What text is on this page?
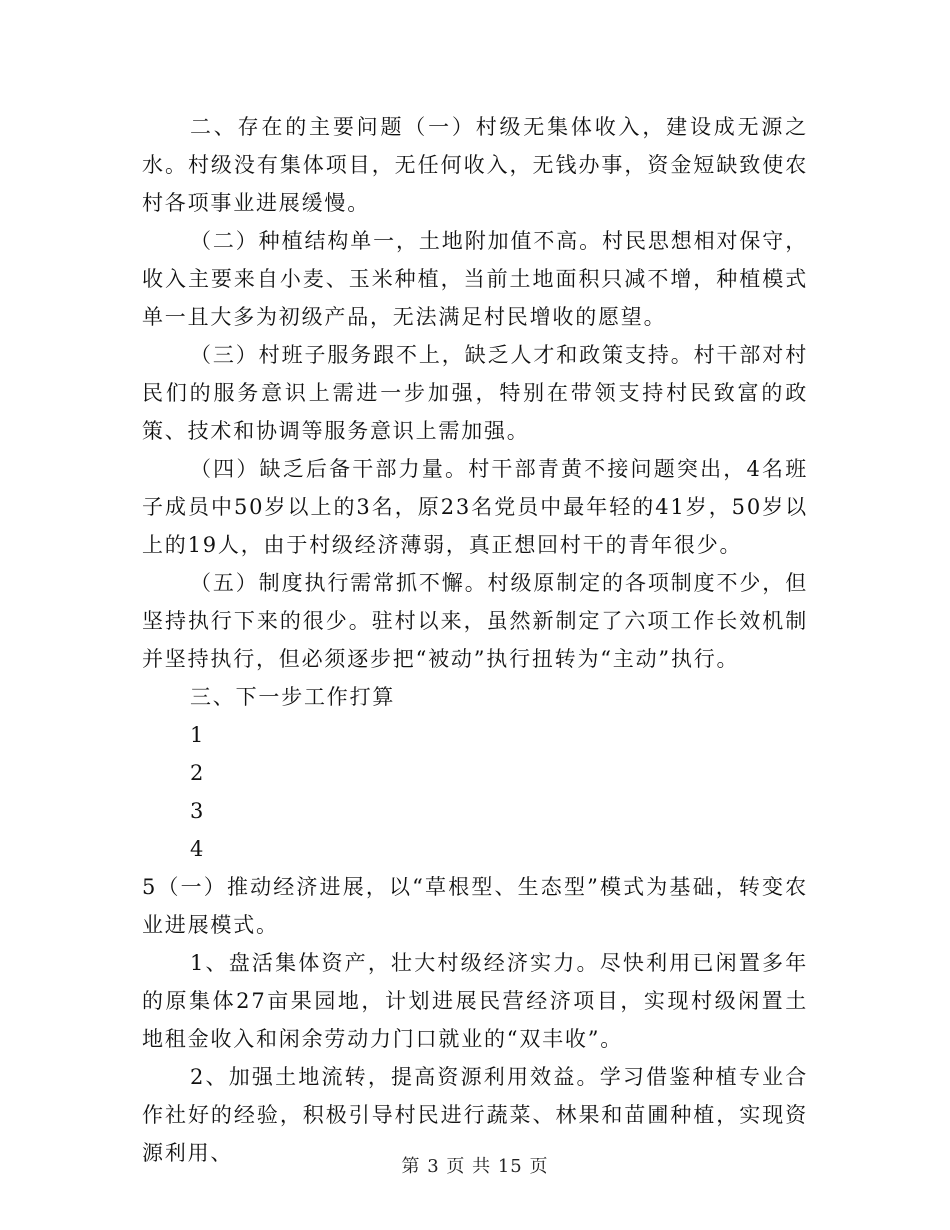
二、存在的主要问题（一）村级无集体收入，建设成无源之水。村级没有集体项目，无任何收入，无钱办事，资金短缺致使农村各项事业进展缓慢。

（二）种植结构单一，土地附加值不高。村民思想相对保守，收入主要来自小麦、玉米种植，当前土地面积只减不增，种植模式单一且大多为初级产品，无法满足村民增收的愿望。

（三）村班子服务跟不上，缺乏人才和政策支持。村干部对村民们的服务意识上需进一步加强，特别在带领支持村民致富的政策、技术和协调等服务意识上需加强。

（四）缺乏后备干部力量。村干部青黄不接问题突出，4名班子成员中50岁以上的3名，原23名党员中最年轻的41岁，50岁以上的19人，由于村级经济薄弱，真正想回村干的青年很少。

（五）制度执行需常抓不懈。村级原制定的各项制度不少，但坚持执行下来的很少。驻村以来，虽然新制定了六项工作长效机制并坚持执行，但必须逐步把“被动”执行扭转为“主动”执行。

三、下一步工作打算

1

2

3

4

5（一）推动经济进展，以“草根型、生态型”模式为基础，转变农业进展模式。

1、盘活集体资产，壮大村级经济实力。尽快利用已闲置多年的原集体27亩果园地，计划进展民营经济项目，实现村级闲置土地租金收入和闲余劳动力门口就业的“双丰收”。

2、加强土地流转，提高资源利用效益。学习借鉴种植专业合作社好的经验，积极引导村民进行蔬菜、林果和苗圃种植，实现资源利用、

第 3 页 共 15 页
